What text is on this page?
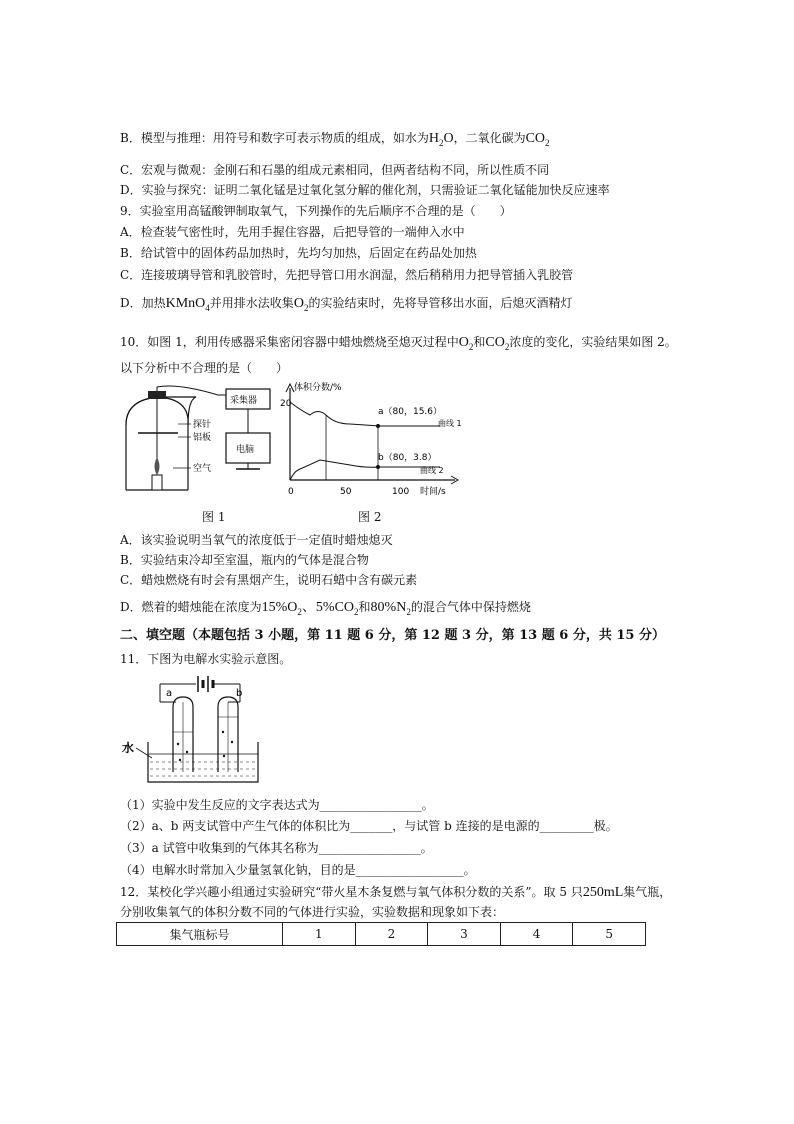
B．模型与推理：用符号和数字可表示物质的组成，如水为$H_2O$，二氧化碳为$CO_2$
C．宏观与微观：金刚石和石墨的组成元素相同，但两者结构不同，所以性质不同
D．实验与探究：证明二氧化锰是过氧化氢分解的催化剂，只需验证二氧化锰能加快反应速率
9．实验室用高锰酸钾制取氧气，下列操作的先后顺序不合理的是（　　）
A．检查装气密性时，先用手握住容器，后把导管的一端伸入水中
B．给试管中的固体药品加热时，先均匀加热，后固定在药品处加热
C．连接玻璃导管和乳胶管时，先把导管口用水润湿，然后稍稍用力把导管插入乳胶管
D．加热KMnO$_4$并用排水法收集$O_2$的实验结束时，先将导管移出水面，后熄灭酒精灯
10．如图 1，利用传感器采集密闭容器中蜡烛燃烧至熄灭过程中$O_2$和$CO_2$浓度的变化，实验结果如图 2。
以下分析中不合理的是（　　）
采集器
电脑
探针
铝板
空气
图 1
体积分数/%
20
0	50	100 时间/s
a（80，15.6）
b（80，3.8）
曲线 1
曲线 2
图 2
A．该实验说明当氧气的浓度低于一定值时蜡烛熄灭
B．实验结束冷却至室温，瓶内的气体是混合物
C．蜡烛燃烧有时会有黑烟产生，说明石蜡中含有碳元素
D．燃着的蜡烛能在浓度为$15\%O_2$、$5\%CO_2$和$80\%N_2$的混合气体中保持燃烧
二、填空题（本题包括 3 小题，第 11 题 6 分，第 12 题 3 分，第 13 题 6 分，共 15 分）
11．下图为电解水实验示意图。
a	b
水
（1）实验中发生反应的文字表达式为_________________。
（2）a、b 两支试管中产生气体的体积比为_______，与试管 b 连接的是电源的_________极。
（3）a 试管中收集到的气体其名称为_________________。
（4）电解水时常加入少量氢氧化钠，目的是__________________。
12．某校化学兴趣小组通过实验研究“带火星木条复燃与氧气体积分数的关系”。取 5 只250mL集气瓶，
分别收集氧气的体积分数不同的气体进行实验，实验数据和现象如下表：
集气瓶标号	1	2	3	4	5
